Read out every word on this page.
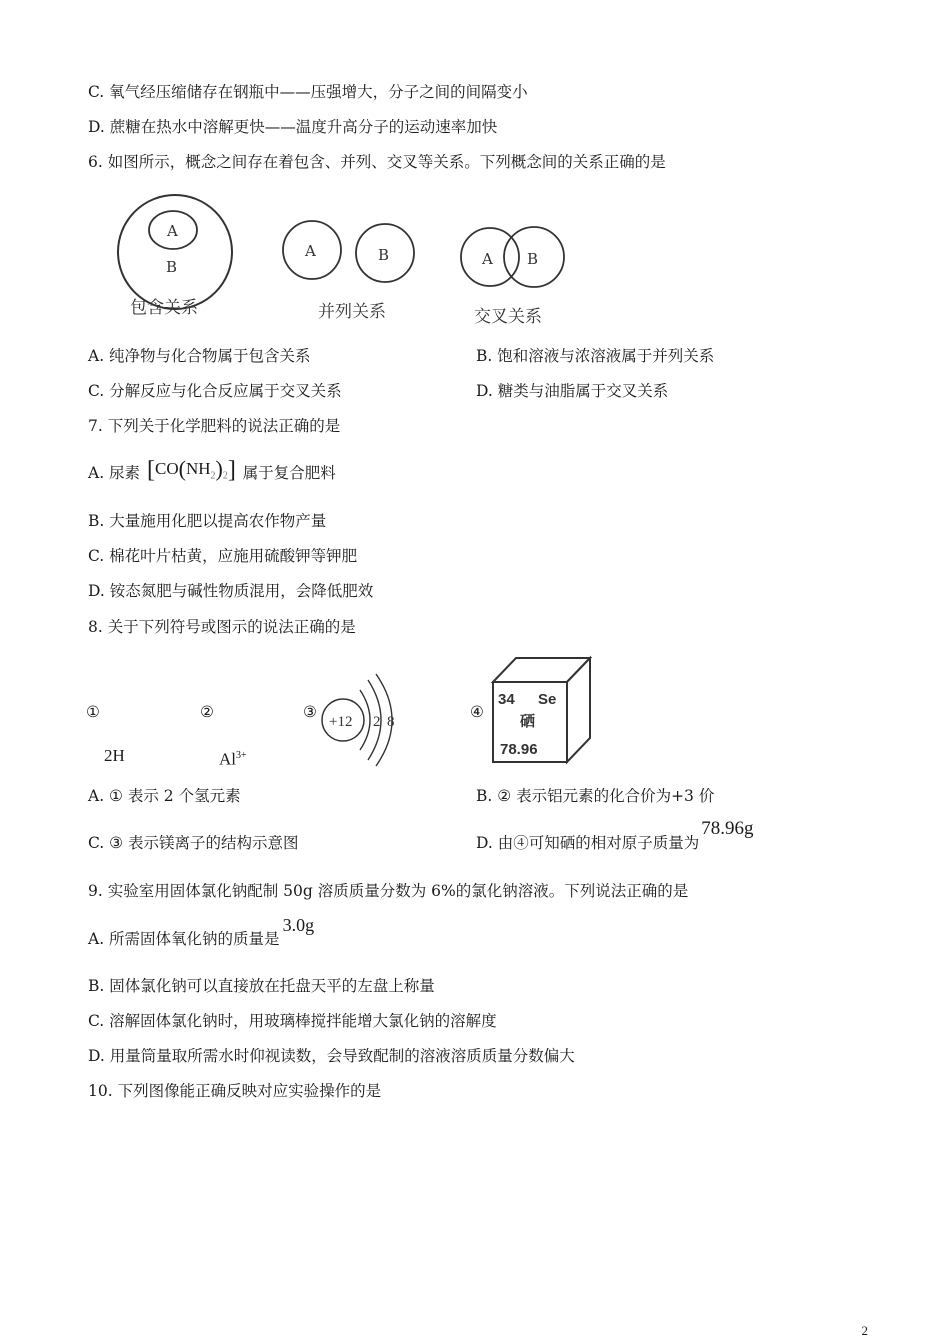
C. 氧气经压缩储存在钢瓶中——压强增大，分子之间的间隔变小
D. 蔗糖在热水中溶解更快——温度升高分子的运动速率加快
6. 如图所示，概念之间存在着包含、并列、交叉等关系。下列概念间的关系正确的是
A
B
包含关系
A	B
并列关系
A B
交叉关系
A. 纯净物与化合物属于包含关系	B. 饱和溶液与浓溶液属于并列关系
C. 分解反应与化合反应属于交叉关系	D. 糖类与油脂属于交叉关系
7. 下列关于化学肥料的说法正确的是
A. 尿素 $[CO(NH_2)_2]$ 属于复合肥料
B. 大量施用化肥以提高农作物产量
C. 棉花叶片枯黄，应施用硫酸钾等钾肥
D. 铵态氮肥与碱性物质混用，会降低肥效
8. 关于下列符号或图示的说法正确的是
①	②	③	④
2H	$Al^{3+}$
+12 2 8
34 Se
硒
78.96
A. ① 表示 2 个氢元素	B. ② 表示铝元素的化合价为+3 价
C. ③ 表示镁离子的结构示意图	D. 由④可知硒的相对原子质量为78.96g
9. 实验室用固体氯化钠配制 50g 溶质质量分数为 6%的氯化钠溶液。下列说法正确的是
A. 所需固体氧化钠的质量是3.0g
B. 固体氯化钠可以直接放在托盘天平的左盘上称量
C. 溶解固体氯化钠时，用玻璃棒搅拌能增大氯化钠的溶解度
D. 用量筒量取所需水时仰视读数，会导致配制的溶液溶质质量分数偏大
10. 下列图像能正确反映对应实验操作的是
2
